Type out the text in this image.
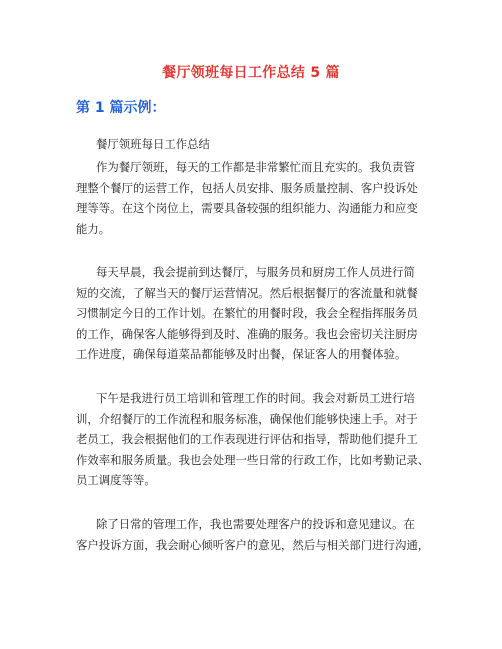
餐厅领班每日工作总结 5 篇
第 1 篇示例：
餐厅领班每日工作总结
作为餐厅领班，每天的工作都是非常繁忙而且充实的。我负责管
理整个餐厅的运营工作，包括人员安排、服务质量控制、客户投诉处
理等等。在这个岗位上，需要具备较强的组织能力、沟通能力和应变
能力。
每天早晨，我会提前到达餐厅，与服务员和厨房工作人员进行简
短的交流，了解当天的餐厅运营情况。然后根据餐厅的客流量和就餐
习惯制定今日的工作计划。在繁忙的用餐时段，我会全程指挥服务员
的工作，确保客人能够得到及时、准确的服务。我也会密切关注厨房
工作进度，确保每道菜品都能够及时出餐，保证客人的用餐体验。
下午是我进行员工培训和管理工作的时间。我会对新员工进行培
训，介绍餐厅的工作流程和服务标准，确保他们能够快速上手。对于
老员工，我会根据他们的工作表现进行评估和指导，帮助他们提升工
作效率和服务质量。我也会处理一些日常的行政工作，比如考勤记录、
员工调度等等。
除了日常的管理工作，我也需要处理客户的投诉和意见建议。在
客户投诉方面，我会耐心倾听客户的意见，然后与相关部门进行沟通，
